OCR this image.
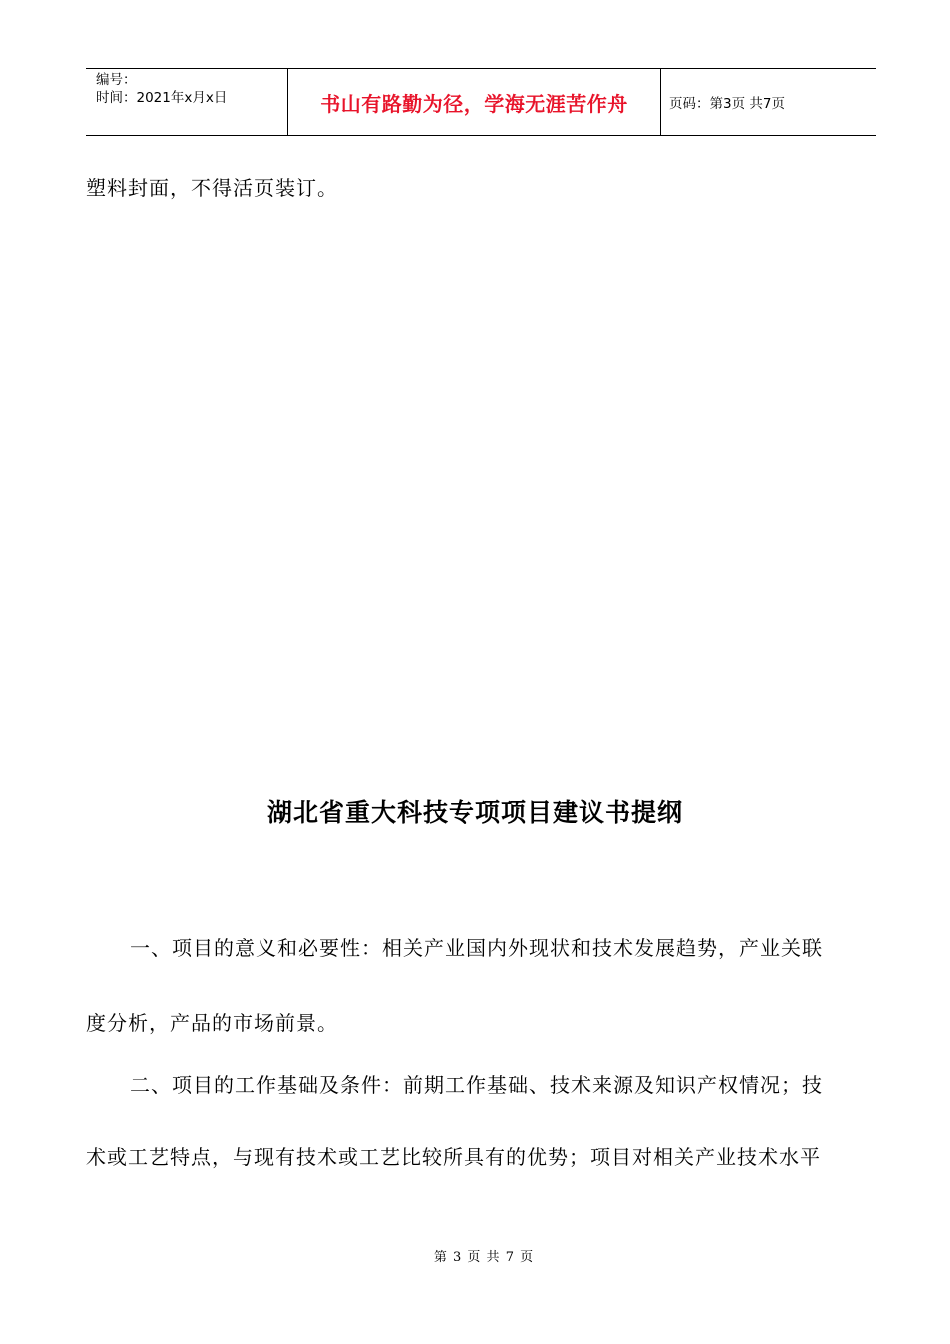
编号：
时间：2021年x月x日	书山有路勤为径，学海无涯苦作舟	页码：第3页 共7页
塑料封面，不得活页装订。
湖北省重大科技专项项目建议书提纲
一、项目的意义和必要性：相关产业国内外现状和技术发展趋势，产业关联
度分析，产品的市场前景。
二、项目的工作基础及条件：前期工作基础、技术来源及知识产权情况；技
术或工艺特点，与现有技术或工艺比较所具有的优势；项目对相关产业技术水平
第 3 页 共 7 页
